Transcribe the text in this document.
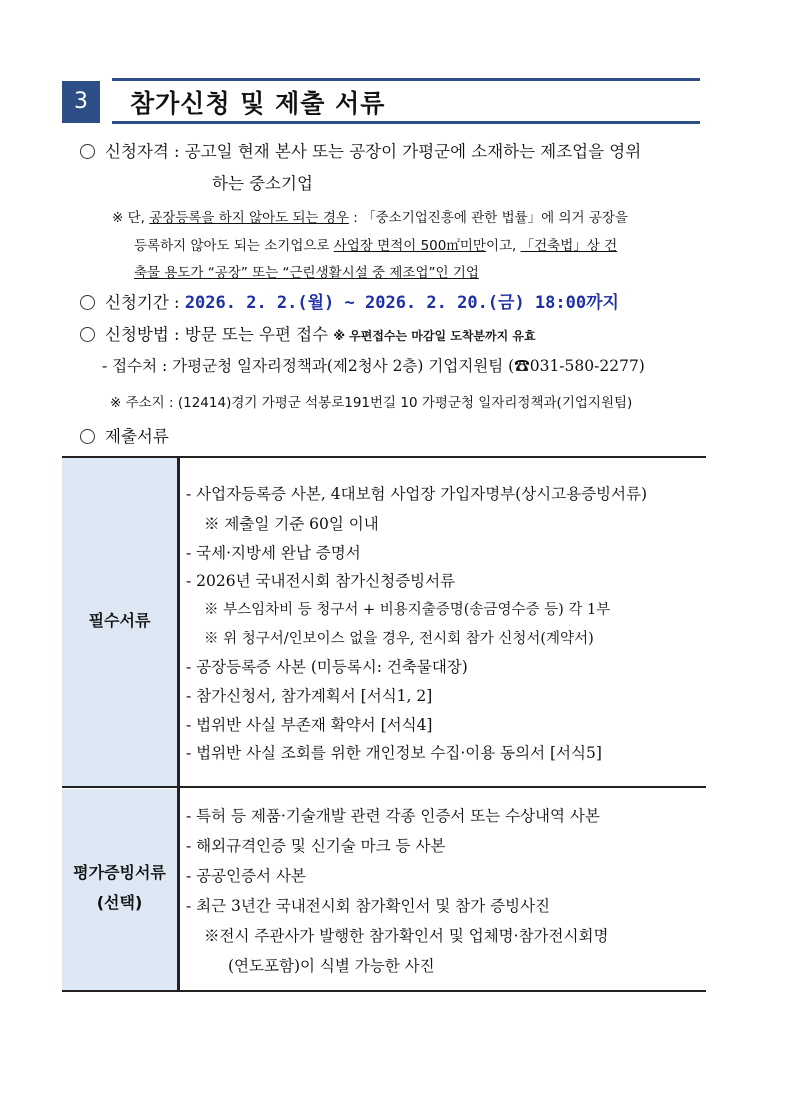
3	참가신청 및 제출 서류
신청자격 : 공고일 현재 본사 또는 공장이 가평군에 소재하는 제조업을 영위
하는 중소기업
※ 단, 공장등록을 하지 않아도 되는 경우 : 「중소기업진흥에 관한 법률」에 의거 공장을
등록하지 않아도 되는 소기업으로 사업장 면적이 500㎡미만이고, 「건축법」상 건
축물 용도가 “공장” 또는 “근린생활시설 중 제조업”인 기업
신청기간 : 2026. 2. 2.(월) ~ 2026. 2. 20.(금) 18:00까지
신청방법 : 방문 또는 우편 접수 ※ 우편접수는 마감일 도착분까지 유효
- 접수처 : 가평군청 일자리정책과(제2청사 2층) 기업지원팀 (☎031-580-2277)
※ 주소지 : (12414)경기 가평군 석봉로191번길 10 가평군청 일자리정책과(기업지원팀)
제출서류
필수서류
평가증빙서류
(선택)
- 사업자등록증 사본, 4대보험 사업장 가입자명부(상시고용증빙서류)
※ 제출일 기준 60일 이내
- 국세·지방세 완납 증명서
- 2026년 국내전시회 참가신청증빙서류
※ 부스임차비 등 청구서 + 비용지출증명(송금영수증 등) 각 1부
※ 위 청구서/인보이스 없을 경우, 전시회 참가 신청서(계약서)
- 공장등록증 사본 (미등록시: 건축물대장)
- 참가신청서, 참가계획서 [서식1, 2]
- 법위반 사실 부존재 확약서 [서식4]
- 법위반 사실 조회를 위한 개인정보 수집·이용 동의서 [서식5]
- 특허 등 제품·기술개발 관련 각종 인증서 또는 수상내역 사본
- 해외규격인증 및 신기술 마크 등 사본
- 공공인증서 사본
- 최근 3년간 국내전시회 참가확인서 및 참가 증빙사진
※전시 주관사가 발행한 참가확인서 및 업체명·참가전시회명
(연도포함)이 식별 가능한 사진
